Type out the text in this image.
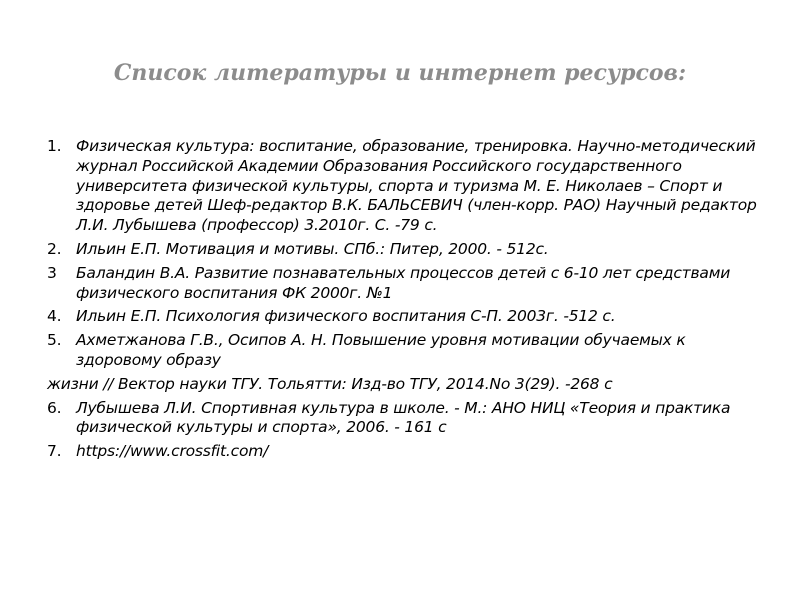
Список литературы и интернет ресурсов:
1. Физическая культура: воспитание, образование, тренировка. Научно-методический журнал Российской Академии Образования Российского государственного университета физической культуры, спорта и туризма М. Е. Николаев – Спорт и здоровье детей Шеф-редактор В.К. БАЛЬСЕВИЧ (член-корр. РАО) Научный редактор Л.И. Лубышева (профессор) 3.2010г. С. -79 с.
2. Ильин Е.П. Мотивация и мотивы. СПб.: Питер, 2000. - 512с.
3 Баландин В.А. Развитие познавательных процессов детей с 6-10 лет средствами физического воспитания ФК 2000г. №1
4. Ильин Е.П. Психология физического воспитания С-П. 2003г. -512 с.
5. Ахметжанова Г.В., Осипов А. Н. Повышение уровня мотивации обучаемых к здоровому образу
жизни // Вектор науки ТГУ. Тольятти: Изд-во ТГУ, 2014.No 3(29). -268 с
6. Лубышева Л.И. Спортивная культура в школе. - М.: АНО НИЦ «Теория и практика физической культуры и спорта», 2006. - 161 с
7. https://www.crossfit.com/
